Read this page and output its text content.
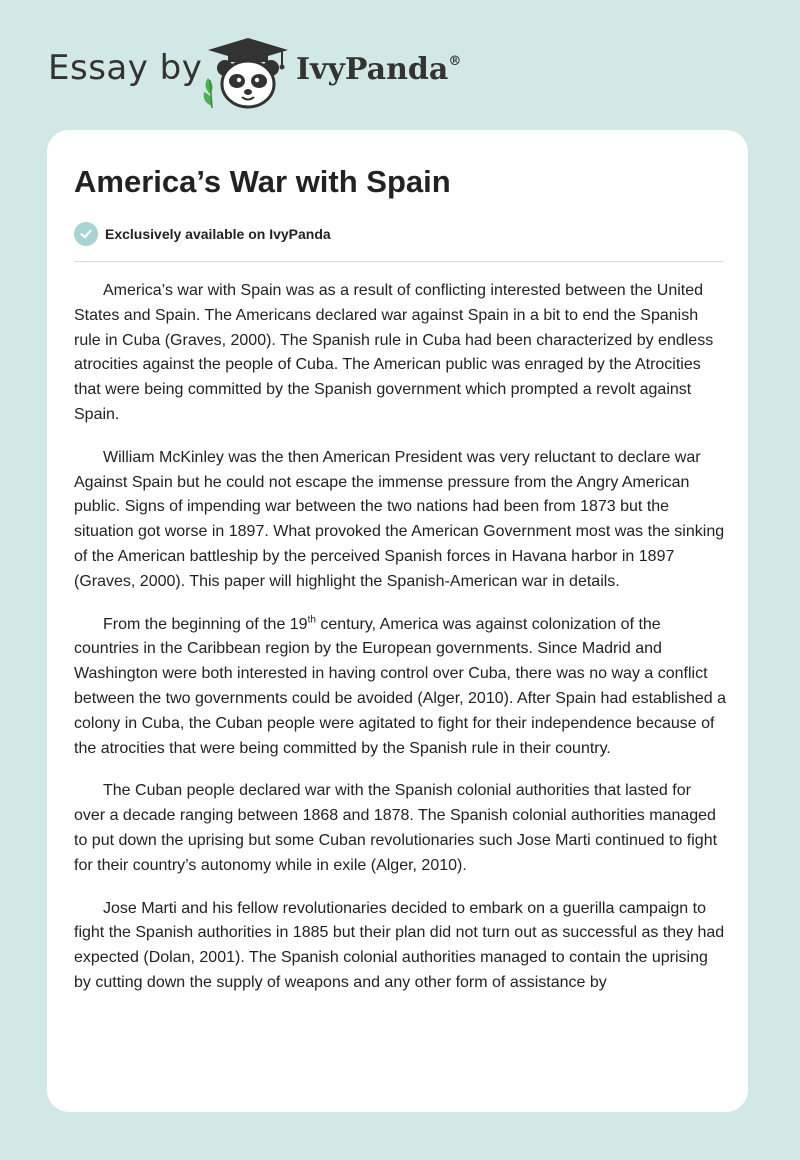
Essay by	IvyPanda®
America’s War with Spain
Exclusively available on IvyPanda

America’s war with Spain was as a result of conflicting interested between the United States and Spain. The Americans declared war against Spain in a bit to end the Spanish rule in Cuba (Graves, 2000). The Spanish rule in Cuba had been characterized by endless atrocities against the people of Cuba. The American public was enraged by the Atrocities that were being committed by the Spanish government which prompted a revolt against Spain.

William McKinley was the then American President was very reluctant to declare war Against Spain but he could not escape the immense pressure from the Angry American public. Signs of impending war between the two nations had been from 1873 but the situation got worse in 1897. What provoked the American Government most was the sinking of the American battleship by the perceived Spanish forces in Havana harbor in 1897 (Graves, 2000). This paper will highlight the Spanish-American war in details.

From the beginning of the 19th century, America was against colonization of the countries in the Caribbean region by the European governments. Since Madrid and Washington were both interested in having control over Cuba, there was no way a conflict between the two governments could be avoided (Alger, 2010). After Spain had established a colony in Cuba, the Cuban people were agitated to fight for their independence because of the atrocities that were being committed by the Spanish rule in their country.

The Cuban people declared war with the Spanish colonial authorities that lasted for over a decade ranging between 1868 and 1878. The Spanish colonial authorities managed to put down the uprising but some Cuban revolutionaries such Jose Marti continued to fight for their country’s autonomy while in exile (Alger, 2010).

Jose Marti and his fellow revolutionaries decided to embark on a guerilla campaign to fight the Spanish authorities in 1885 but their plan did not turn out as successful as they had expected (Dolan, 2001). The Spanish colonial authorities managed to contain the uprising by cutting down the supply of weapons and any other form of assistance by
